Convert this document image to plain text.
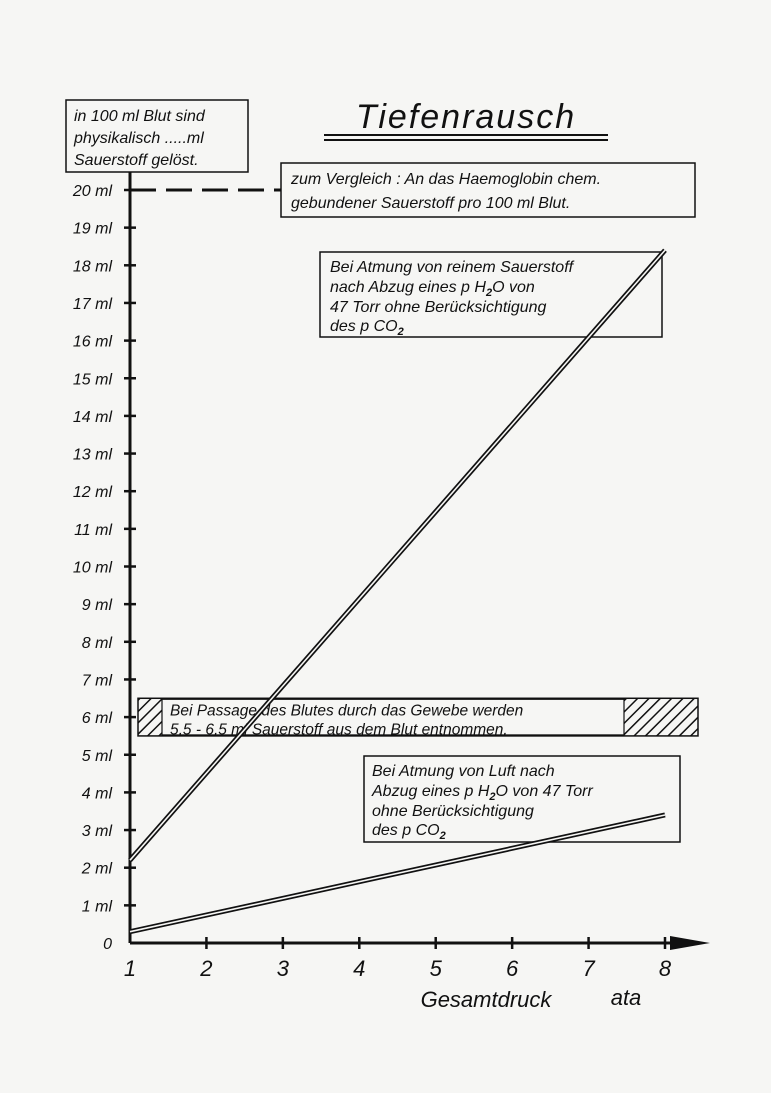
Tiefenrausch
in 100 ml Blut sind
physikalisch .....ml
Sauerstoff gelöst.
Bei Passage des Blutes durch das Gewebe werden
5,5 - 6,5 ml Sauerstoff aus dem Blut entnommen.
zum Vergleich : An das Haemoglobin chem.
gebundener Sauerstoff pro 100 ml Blut.
Bei Atmung von reinem Sauerstoff
nach Abzug eines p $H_2O$ von
47 Torr ohne Berücksichtigung
des p $CO_2$
Bei Atmung von Luft nach
Abzug eines p $H_2O$ von 47 Torr
ohne Berücksichtigung
des p $CO_2$
0
1 ml
2 ml
3 ml
4 ml
5 ml
6 ml
7 ml
8 ml
9 ml
10 ml
11 ml
12 ml
13 ml
14 ml
15 ml
16 ml
17 ml
18 ml
19 ml
20 ml
1	2	3	4	5	6	7	8
Gesamtdruck	ata
